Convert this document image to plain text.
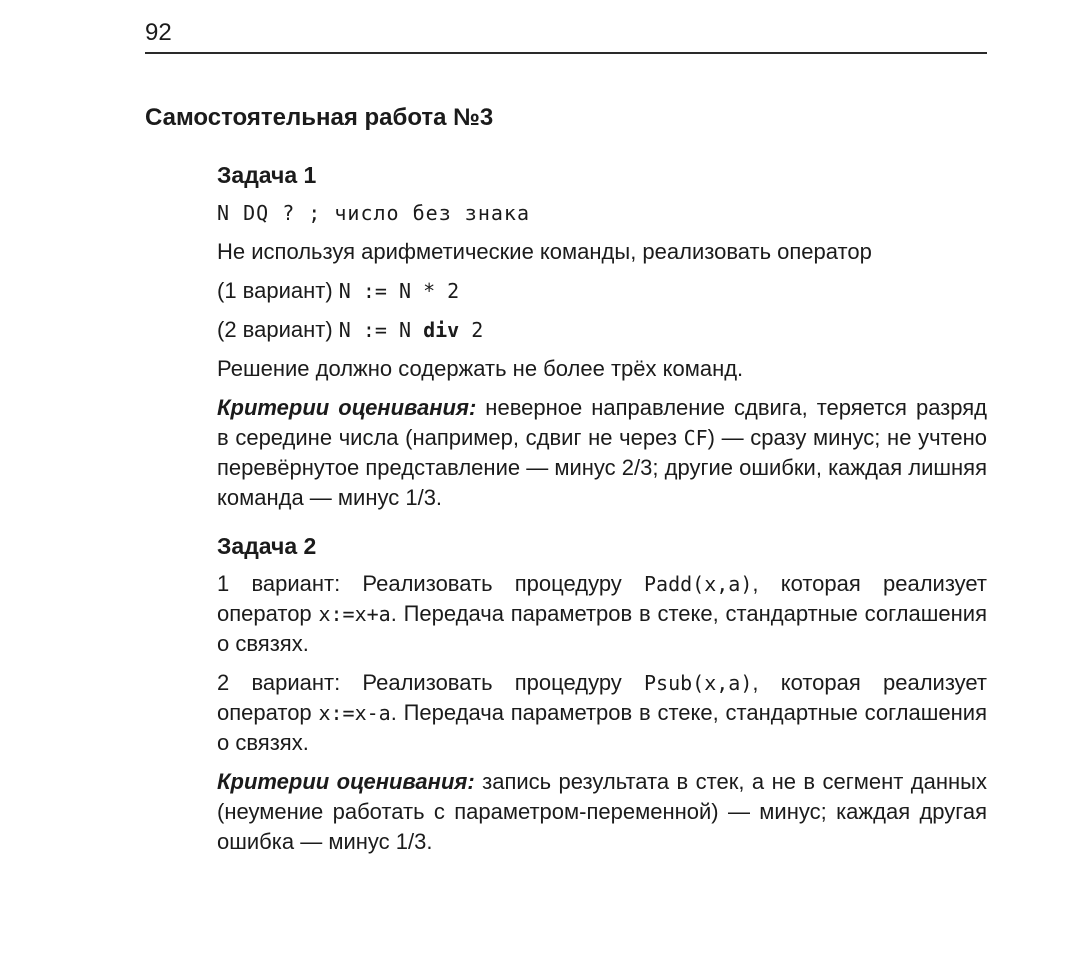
92
Самостоятельная работа №3
Задача 1

N DQ ? ; число без знака

Не используя арифметические команды, реализовать оператор

(1 вариант) N := N * 2

(2 вариант) N := N div 2

Решение должно содержать не более трёх команд.

Критерии оценивания: неверное направление сдвига, теряется разряд в середине числа (например, сдвиг не через CF) — сразу минус; не учтено перевёрнутое представление — минус 2/3; другие ошибки, каждая лишняя команда — минус 1/3.

Задача 2

1 вариант: Реализовать процедуру Padd(x,a), которая реализует оператор x:=x+a. Передача параметров в стеке, стандартные соглашения о связях.

2 вариант: Реализовать процедуру Psub(x,a), которая реализует оператор x:=x-a. Передача параметров в стеке, стандартные соглашения о связях.

Критерии оценивания: запись результата в стек, а не в сегмент данных (неумение работать с параметром-переменной) — минус; каждая другая ошибка — минус 1/3.
